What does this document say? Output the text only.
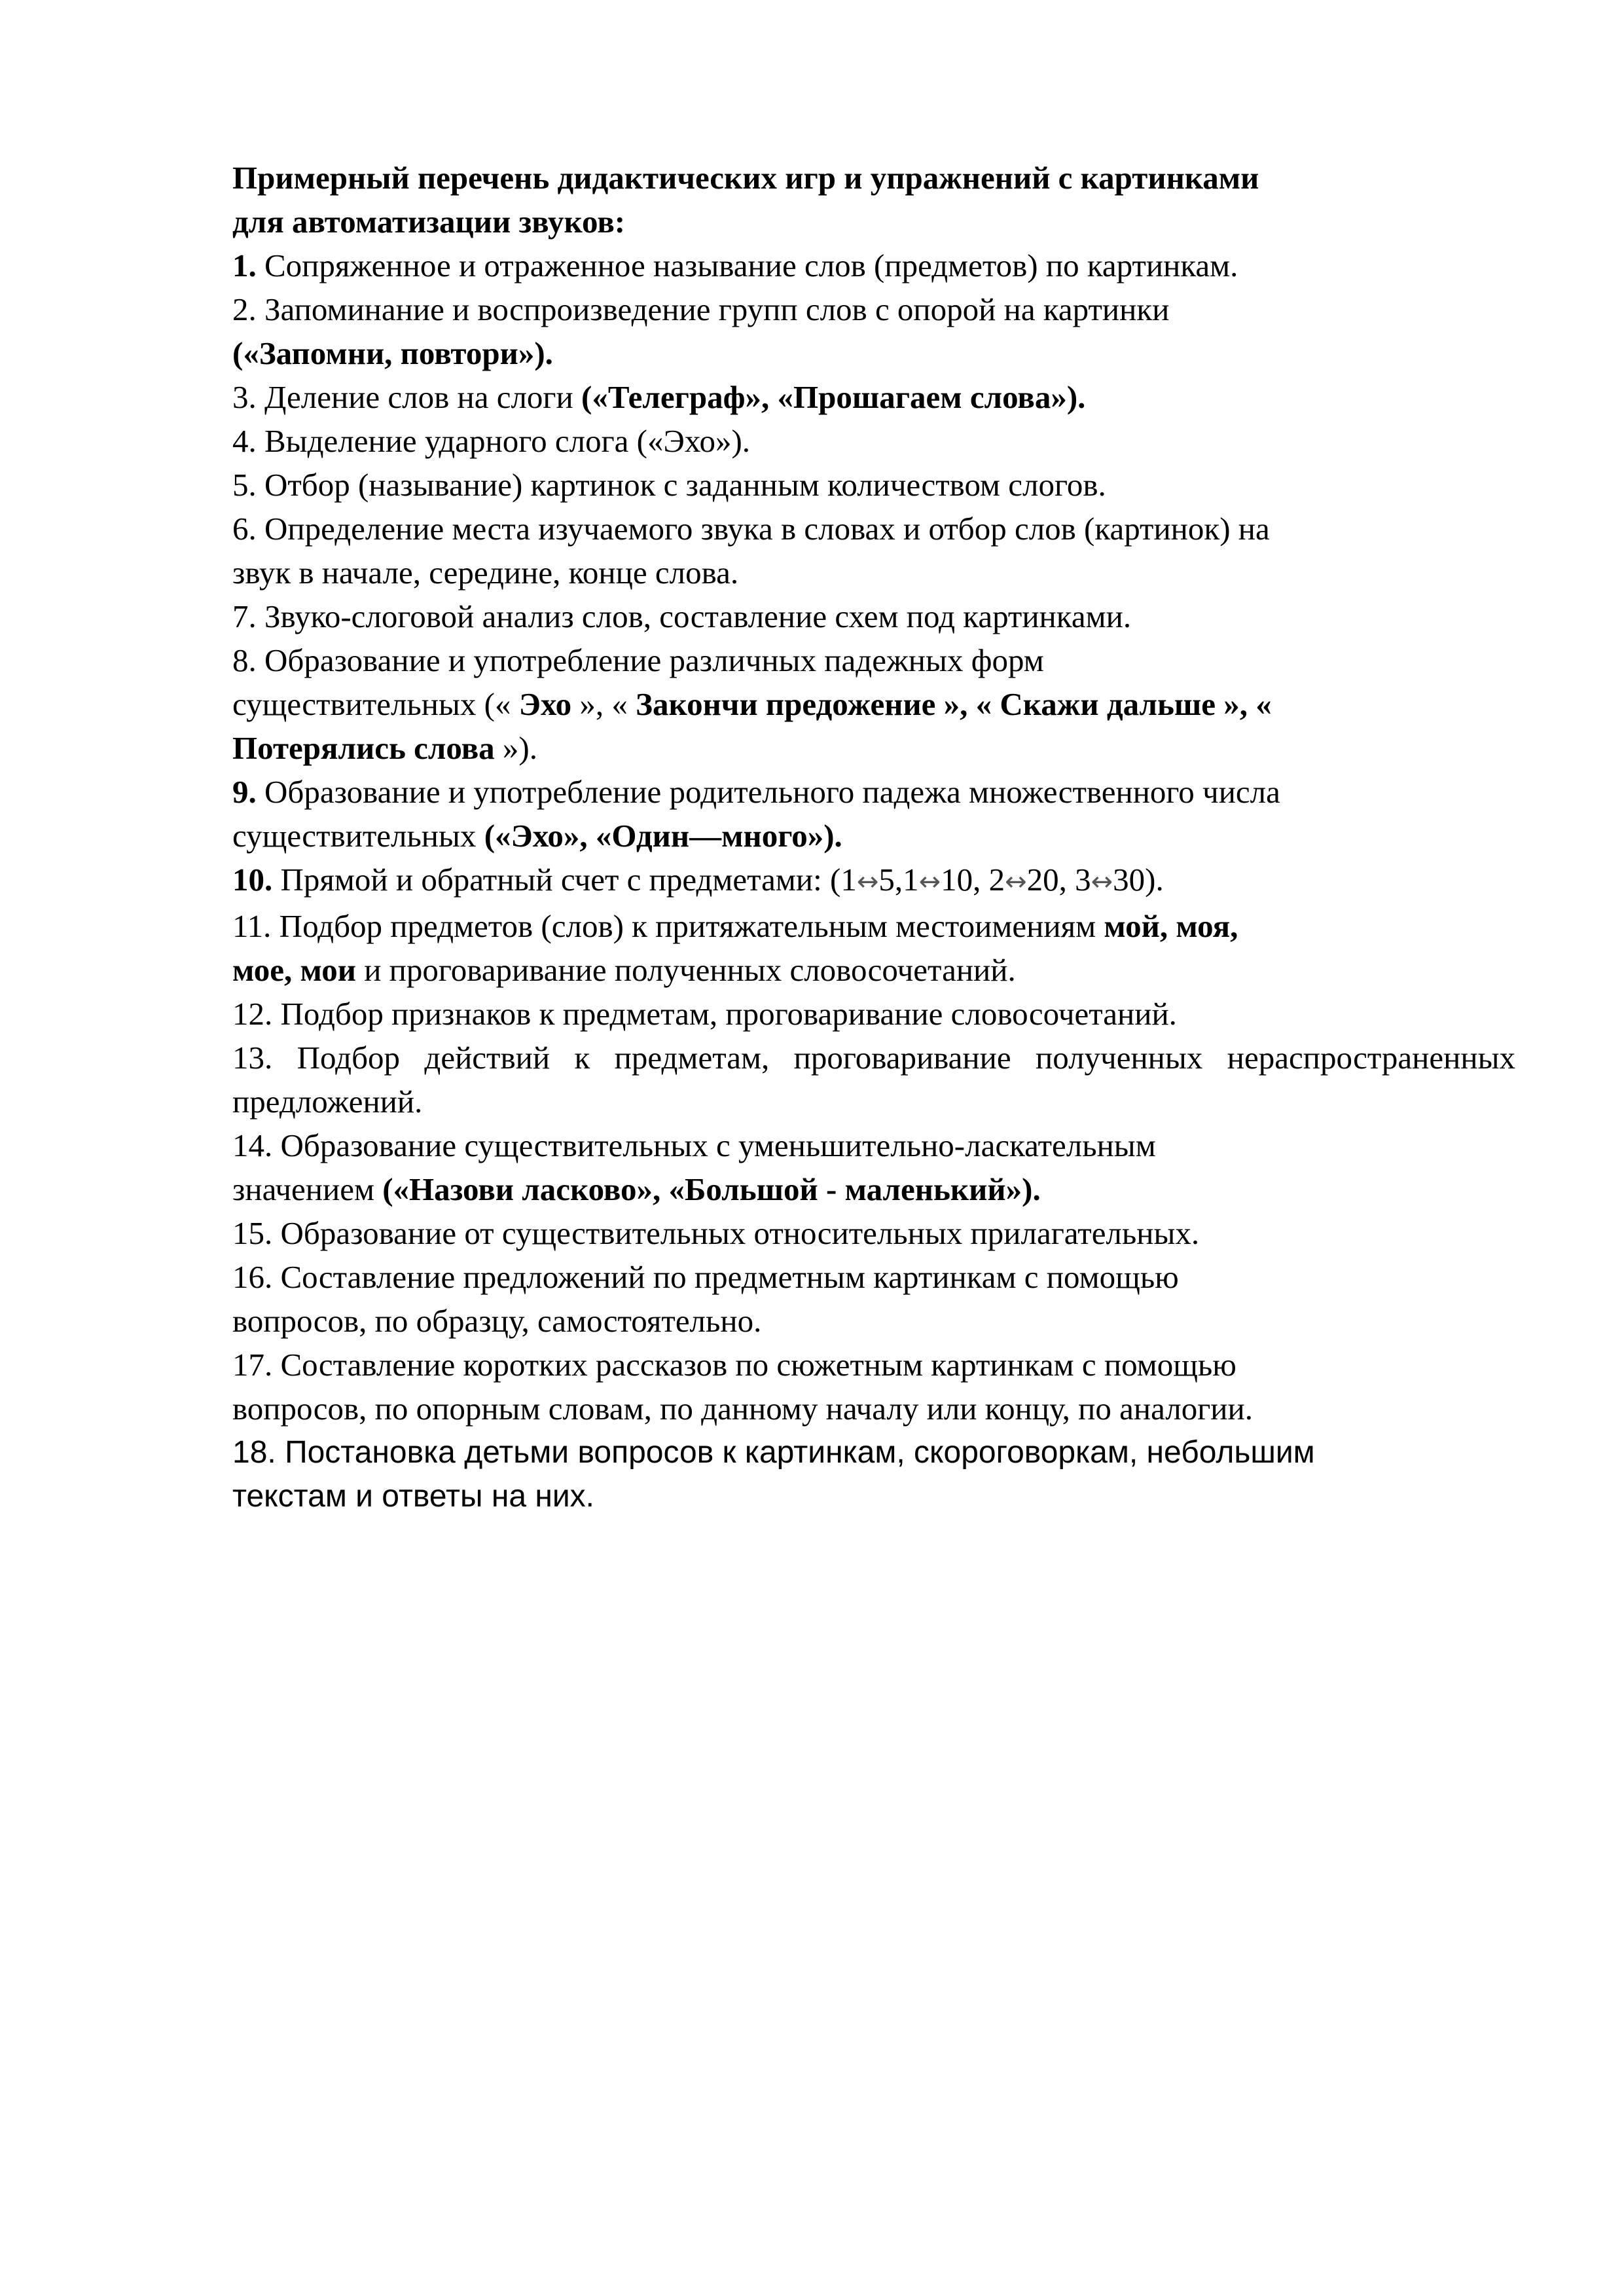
Примерный перечень дидактических игр и упражнений с картинками
для автоматизации звуков:

1. Сопряженное и отраженное называние слов (предметов) по картинкам.

2. Запоминание и воспроизведение групп слов с опорой на картинки
(«Запомни, повтори»).

3. Деление слов на слоги («Телеграф», «Прошагаем слова»).

4. Выделение ударного слога («Эхо»).

5. Отбор (называние) картинок с заданным количеством слогов.

6. Определение места изучаемого звука в словах и отбор слов (картинок) на
звук в начале, середине, конце слова.

7. Звуко-слоговой анализ слов, составление схем под картинками.

8. Образование и употребление различных падежных форм
существительных (« Эхо », « Закончи предожение », « Скажи дальше », «
Потерялись слова »).

9. Образование и употребление родительного падежа множественного числа
существительных («Эхо», «Один—много»).

10. Прямой и обратный счет с предметами: (1↔5,1↔10, 2↔20, 3↔30).

11. Подбор предметов (слов) к притяжательным местоимениям мой, моя,
мое, мои и проговаривание полученных словосочетаний.

12. Подбор признаков к предметам, проговаривание словосочетаний.

13. Подбор действий к предметам, проговаривание полученных нераспространенных предложений.

14. Образование существительных с уменьшительно-ласкательным
значением («Назови ласково», «Большой - маленький»).

15. Образование от существительных относительных прилагательных.

16. Составление предложений по предметным картинкам с помощью
вопросов, по образцу, самостоятельно.

17. Составление коротких рассказов по сюжетным картинкам с помощью
вопросов, по опорным словам, по данному началу или концу, по аналогии.

18. Постановка детьми вопросов к картинкам, скороговоркам, небольшим
текстам и ответы на них.
